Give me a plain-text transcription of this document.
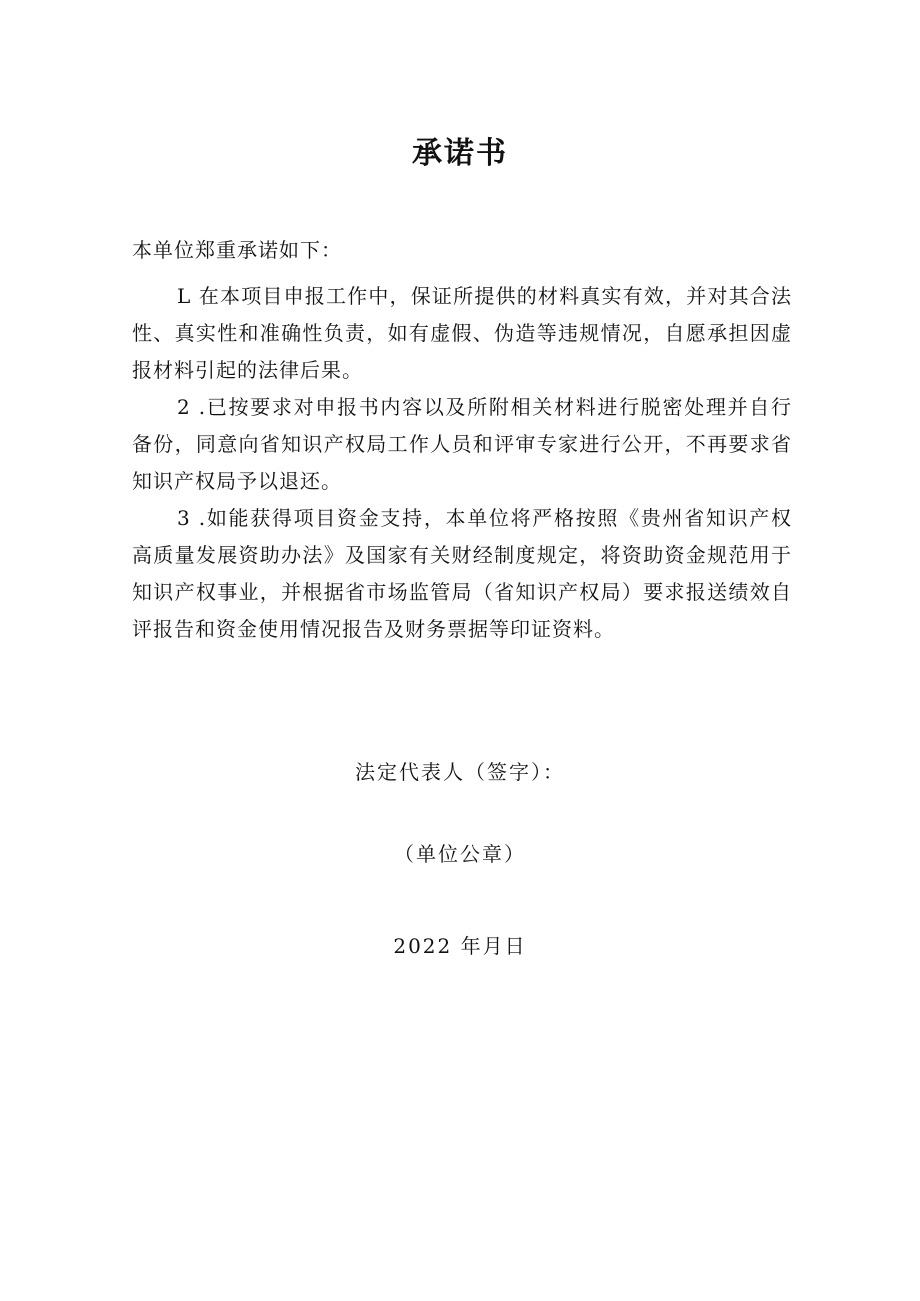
承诺书
本单位郑重承诺如下：

L 在本项目申报工作中，保证所提供的材料真实有效，并对其合法性、真实性和准确性负责，如有虚假、伪造等违规情况，自愿承担因虚报材料引起的法律后果。

2 .已按要求对申报书内容以及所附相关材料进行脱密处理并自行备份，同意向省知识产权局工作人员和评审专家进行公开，不再要求省知识产权局予以退还。

3 .如能获得项目资金支持，本单位将严格按照《贵州省知识产权高质量发展资助办法》及国家有关财经制度规定，将资助资金规范用于知识产权事业，并根据省市场监管局（省知识产权局）要求报送绩效自评报告和资金使用情况报告及财务票据等印证资料。

法定代表人（签字）：
（单位公章）
2022 年月日
